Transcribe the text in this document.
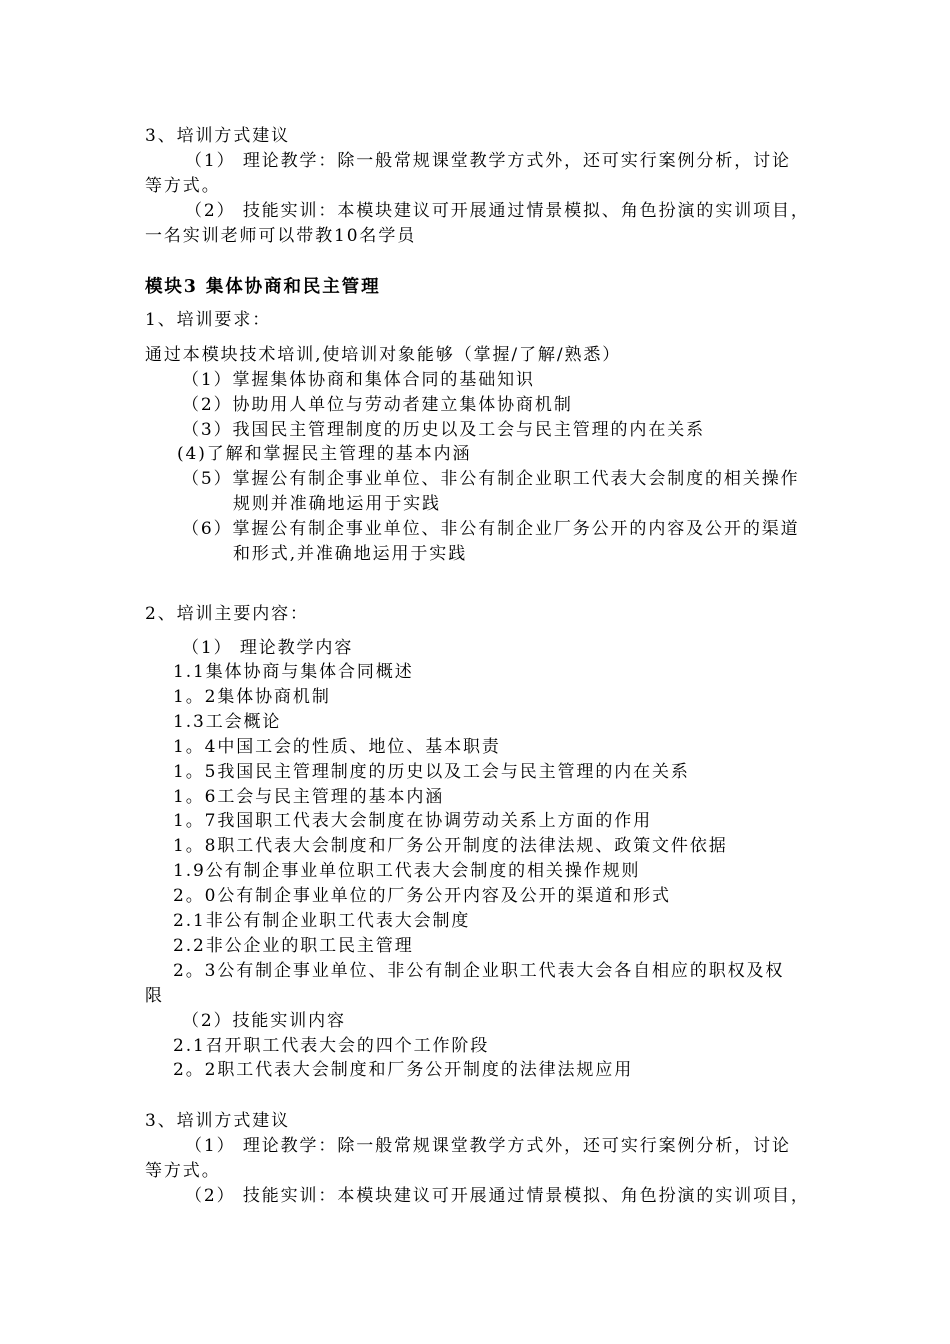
3、培训方式建议
（1） 理论教学：除一般常规课堂教学方式外，还可实行案例分析，讨论
等方式。
（2） 技能实训：本模块建议可开展通过情景模拟、角色扮演的实训项目，
一名实训老师可以带教10名学员
模块3 集体协商和民主管理
1、培训要求：
通过本模块技术培训,使培训对象能够（掌握/了解/熟悉）
（1）掌握集体协商和集体合同的基础知识
（2）协助用人单位与劳动者建立集体协商机制
（3）我国民主管理制度的历史以及工会与民主管理的内在关系
(4)了解和掌握民主管理的基本内涵
（5）掌握公有制企事业单位、非公有制企业职工代表大会制度的相关操作
规则并准确地运用于实践
（6）掌握公有制企事业单位、非公有制企业厂务公开的内容及公开的渠道
和形式,并准确地运用于实践
2、培训主要内容：
（1） 理论教学内容
1.1集体协商与集体合同概述
1。2集体协商机制
1.3工会概论
1。4中国工会的性质、地位、基本职责
1。5我国民主管理制度的历史以及工会与民主管理的内在关系
1。6工会与民主管理的基本内涵
1。7我国职工代表大会制度在协调劳动关系上方面的作用
1。8职工代表大会制度和厂务公开制度的法律法规、政策文件依据
1.9公有制企事业单位职工代表大会制度的相关操作规则
2。0公有制企事业单位的厂务公开内容及公开的渠道和形式
2.1非公有制企业职工代表大会制度
2.2非公企业的职工民主管理
2。3公有制企事业单位、非公有制企业职工代表大会各自相应的职权及权
限
（2）技能实训内容
2.1召开职工代表大会的四个工作阶段
2。2职工代表大会制度和厂务公开制度的法律法规应用
3、培训方式建议
（1） 理论教学：除一般常规课堂教学方式外，还可实行案例分析，讨论
等方式。
（2） 技能实训：本模块建议可开展通过情景模拟、角色扮演的实训项目，
